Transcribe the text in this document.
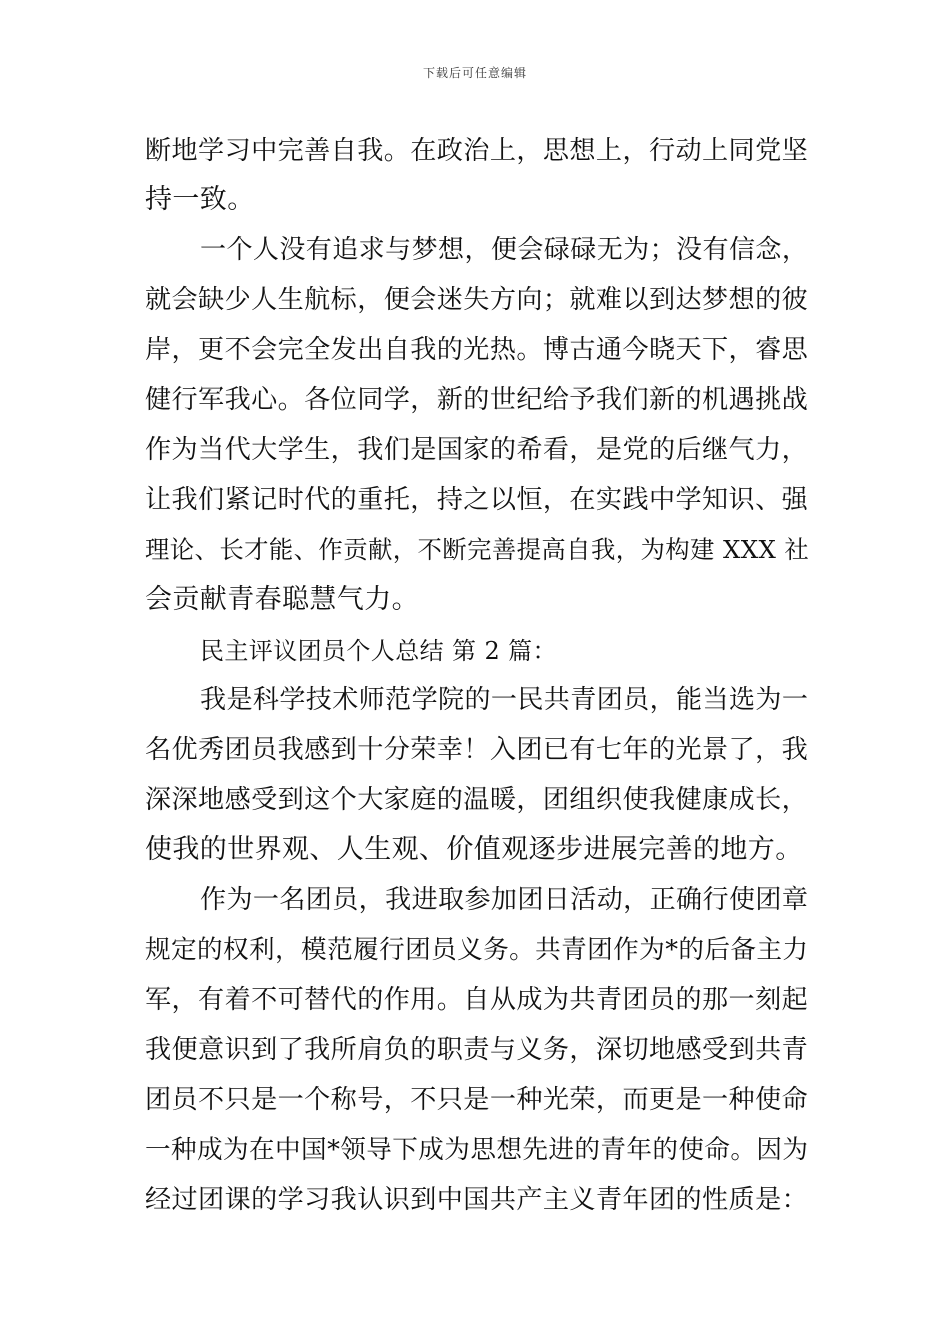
下载后可任意编辑
断地学习中完善自我。在政治上，思想上，行动上同党坚
持一致。
一个人没有追求与梦想，便会碌碌无为；没有信念，
就会缺少人生航标，便会迷失方向；就难以到达梦想的彼
岸，更不会完全发出自我的光热。博古通今晓天下，睿思
健行军我心。各位同学，新的世纪给予我们新的机遇挑战
作为当代大学生，我们是国家的希看，是党的后继气力，
让我们紧记时代的重托，持之以恒，在实践中学知识、强
理论、长才能、作贡献，不断完善提高自我，为构建 XXX 社
会贡献青春聪慧气力。
民主评议团员个人总结 第 2 篇：
我是科学技术师范学院的一民共青团员，能当选为一
名优秀团员我感到十分荣幸！入团已有七年的光景了，我
深深地感受到这个大家庭的温暖，团组织使我健康成长，
使我的世界观、人生观、价值观逐步进展完善的地方。
作为一名团员，我进取参加团日活动，正确行使团章
规定的权利，模范履行团员义务。共青团作为*的后备主力
军，有着不可替代的作用。自从成为共青团员的那一刻起
我便意识到了我所肩负的职责与义务，深切地感受到共青
团员不只是一个称号，不只是一种光荣，而更是一种使命
一种成为在中国*领导下成为思想先进的青年的使命。因为
经过团课的学习我认识到中国共产主义青年团的性质是：
